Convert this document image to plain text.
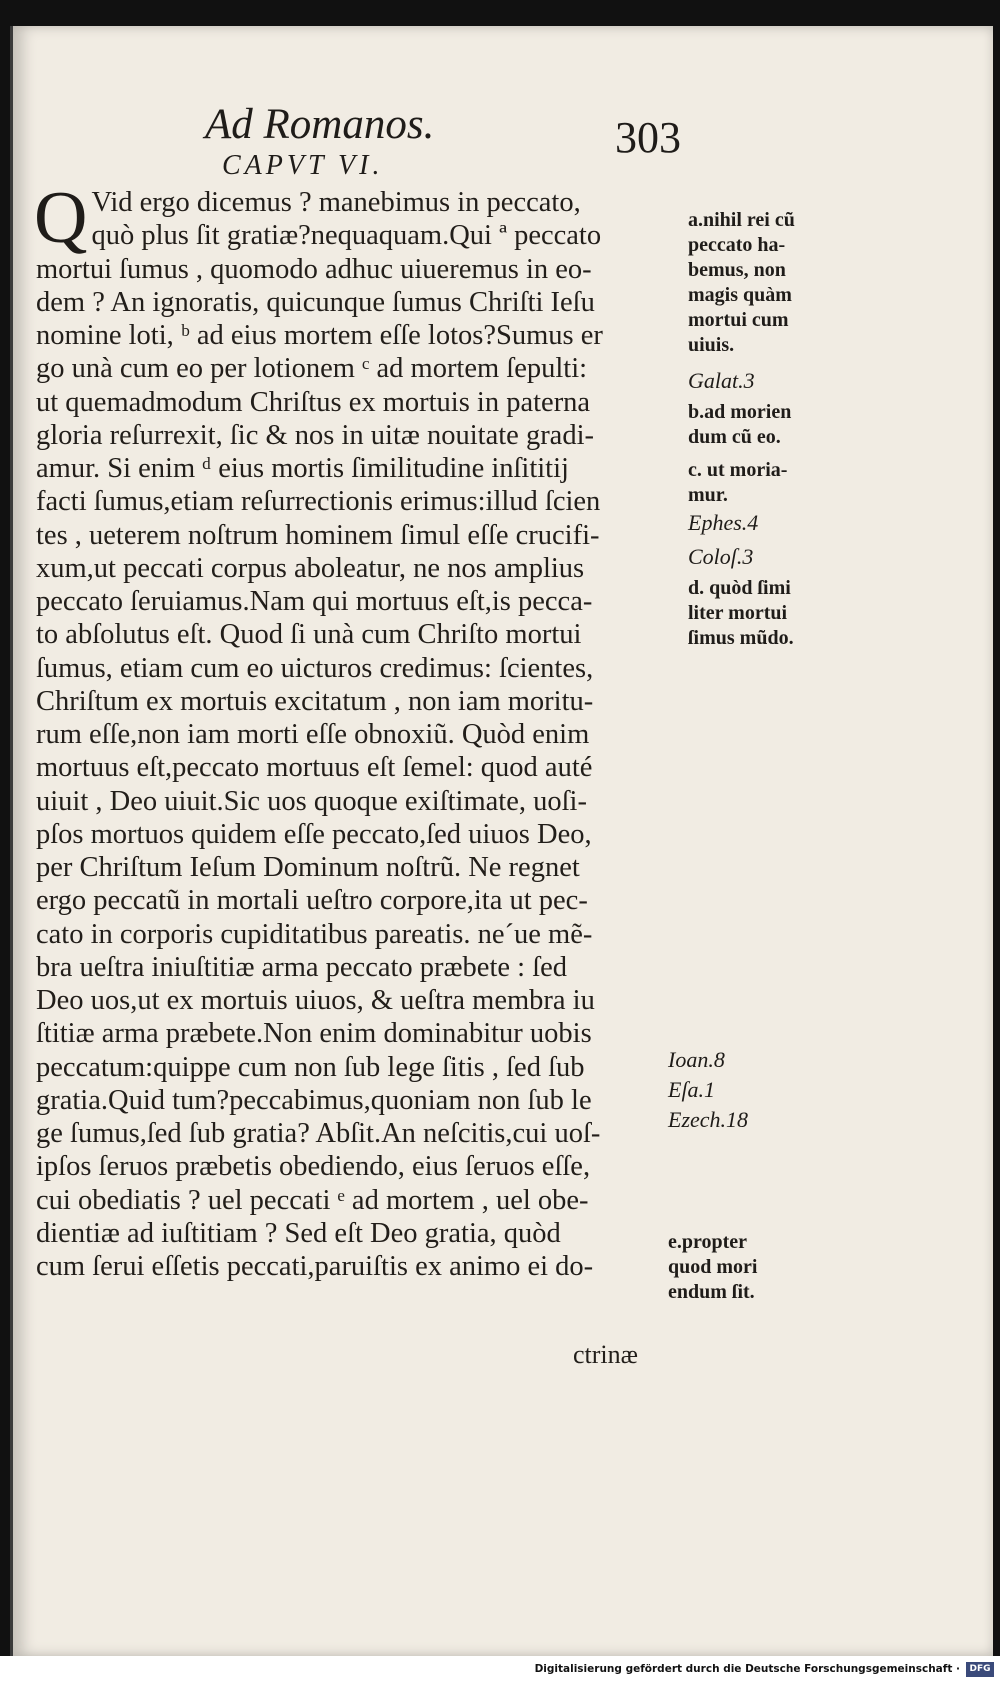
Ad Romanos.	303
CAPVT VI.
Q Vid ergo dicemus ? manebimus in peccato,
quò plus ſit gratiæ?nequaquam.Qui ª peccato
mortui ſumus , quomodo adhuc uiueremus in eo-
dem ? An ignoratis, quicunque ſumus Chriſti Ieſu
nomine loti, ᵇ ad eius mortem eſſe lotos?Sumus er
go unà cum eo per lotionem ᶜ ad mortem ſepulti:
ut quemadmodum Chriſtus ex mortuis in paterna
gloria reſurrexit, ſic & nos in uitæ nouitate gradi-
amur. Si enim ᵈ eius mortis ſimilitudine inſititij
facti ſumus,etiam reſurrectionis erimus:illud ſcien
tes , ueterem noſtrum hominem ſimul eſſe crucifi-
xum,ut peccati corpus aboleatur, ne nos amplius
peccato ſeruiamus.Nam qui mortuus eſt,is pecca-
to abſolutus eſt. Quod ſi unà cum Chriſto mortui
ſumus, etiam cum eo uicturos credimus: ſcientes,
Chriſtum ex mortuis excitatum , non iam moritu-
rum eſſe,non iam morti eſſe obnoxiũ. Quòd enim
mortuus eſt,peccato mortuus eſt ſemel: quod auté
uiuit , Deo uiuit.Sic uos quoque exiſtimate, uoſi-
pſos mortuos quidem eſſe peccato,ſed uiuos Deo,
per Chriſtum Ieſum Dominum noſtrũ. Ne regnet
ergo peccatũ in mortali ueſtro corpore,ita ut pec-
cato in corporis cupiditatibus pareatis. ne´ue mẽ-
bra ueſtra iniuſtitiæ arma peccato præbete : ſed
Deo uos,ut ex mortuis uiuos, & ueſtra membra iu
ſtitiæ arma præbete.Non enim dominabitur uobis
peccatum:quippe cum non ſub lege ſitis , ſed ſub
gratia.Quid tum?peccabimus,quoniam non ſub le
ge ſumus,ſed ſub gratia? Abſit.An neſcitis,cui uoſ-
ipſos ſeruos præbetis obediendo, eius ſeruos eſſe,
cui obediatis ? uel peccati ᵉ ad mortem , uel obe-
dientiæ ad iuſtitiam ? Sed eſt Deo gratia, quòd
cum ſerui eſſetis peccati,paruiſtis ex animo ei do-
ctrinæ
a.nihil rei cũ
peccato ha-
bemus, non
magis quàm
mortui cum
uiuis.
Galat.3
b.ad morien
dum cũ eo.
c. ut moria-
mur.
Ephes.4
Coloſ.3
d. quòd ſimi
liter mortui
ſimus mũdo.
Ioan.8
Eſa.1
Ezech.18
e.propter
quod mori
endum ſit.
Digitalisierung gefördert durch die Deutsche Forschungsgemeinschaft ·	DFG
